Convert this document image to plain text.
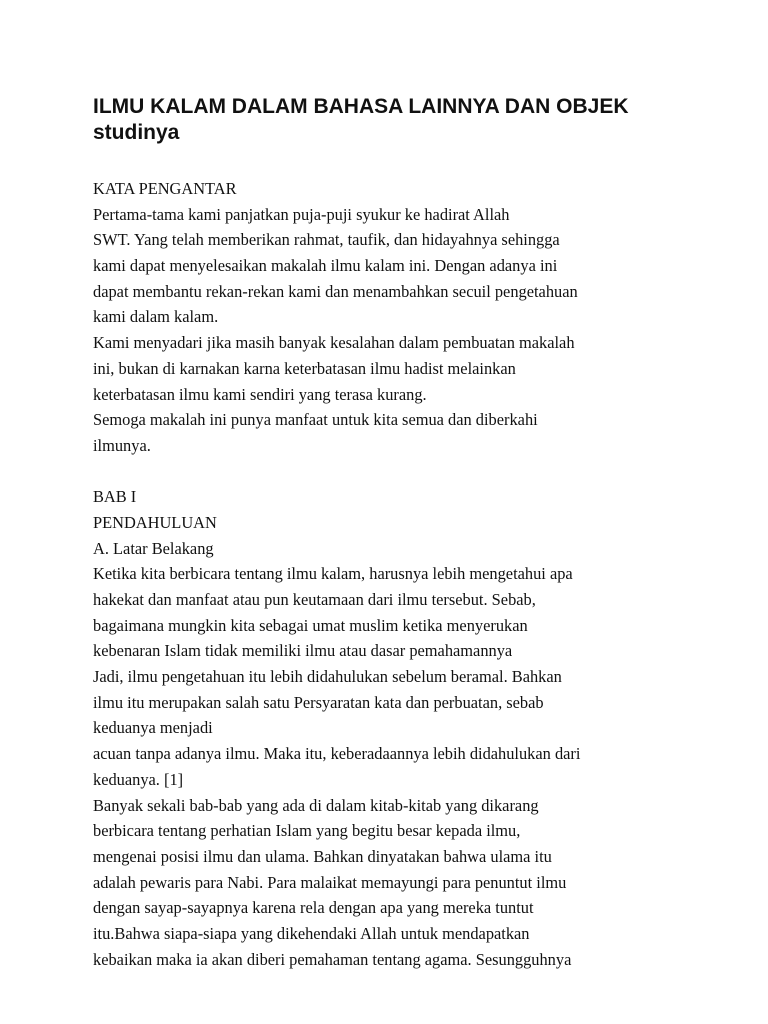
ILMU KALAM DALAM BAHASA LAINNYA DAN OBJEK
studinya
KATA PENGANTAR
Pertama-tama kami panjatkan puja-puji syukur ke hadirat Allah
SWT. Yang telah memberikan rahmat, taufik, dan hidayahnya sehingga
kami dapat menyelesaikan makalah ilmu kalam ini. Dengan adanya ini
dapat membantu rekan-rekan kami dan menambahkan secuil pengetahuan
kami dalam kalam.
Kami menyadari jika masih banyak kesalahan dalam pembuatan makalah
ini, bukan di karnakan karna keterbatasan ilmu hadist melainkan
keterbatasan ilmu kami sendiri yang terasa kurang.
Semoga makalah ini punya manfaat untuk kita semua dan diberkahi
ilmunya.
BAB I
PENDAHULUAN
A. Latar Belakang
Ketika kita berbicara tentang ilmu kalam, harusnya lebih mengetahui apa
hakekat dan manfaat atau pun keutamaan dari ilmu tersebut. Sebab,
bagaimana mungkin kita sebagai umat muslim ketika menyerukan
kebenaran Islam tidak memiliki ilmu atau dasar pemahamannya
Jadi, ilmu pengetahuan itu lebih didahulukan sebelum beramal. Bahkan
ilmu itu merupakan salah satu Persyaratan kata dan perbuatan, sebab
keduanya menjadi
acuan tanpa adanya ilmu. Maka itu, keberadaannya lebih didahulukan dari
keduanya. [1]
Banyak sekali bab-bab yang ada di dalam kitab-kitab yang dikarang
berbicara tentang perhatian Islam yang begitu besar kepada ilmu,
mengenai posisi ilmu dan ulama. Bahkan dinyatakan bahwa ulama itu
adalah pewaris para Nabi. Para malaikat memayungi para penuntut ilmu
dengan sayap-sayapnya karena rela dengan apa yang mereka tuntut
itu.Bahwa siapa-siapa yang dikehendaki Allah untuk mendapatkan
kebaikan maka ia akan diberi pemahaman tentang agama. Sesungguhnya
